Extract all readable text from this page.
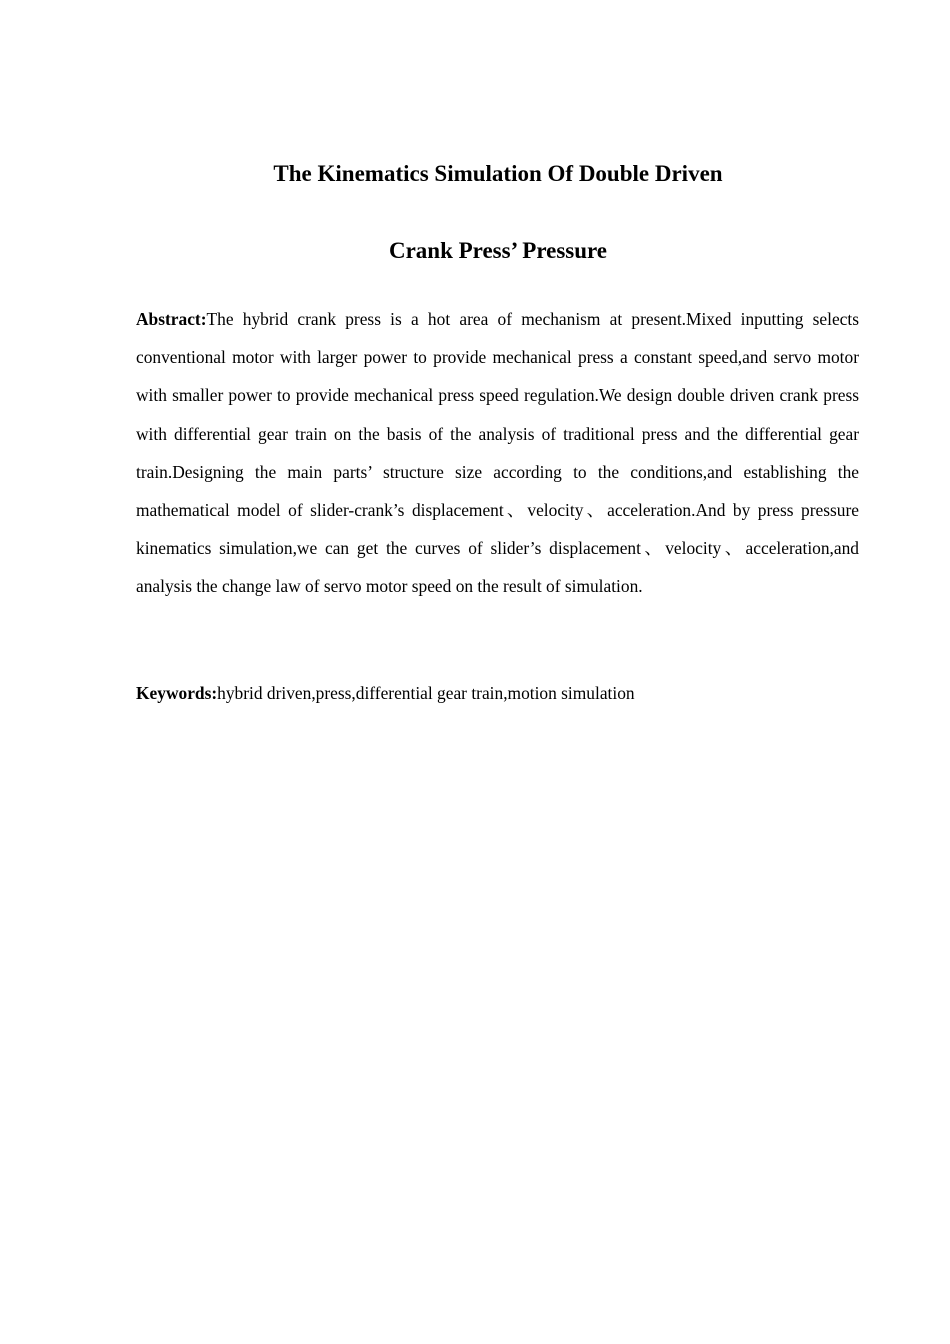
The Kinematics Simulation Of Double Driven
Crank Press’ Pressure
Abstract:The hybrid crank press is a hot area of mechanism at present.Mixed inputting selects conventional motor with larger power to provide mechanical press a constant speed,and servo motor with smaller power to provide mechanical press speed regulation.We design double driven crank press with differential gear train on the basis of the analysis of traditional press and the differential gear train.Designing the main parts’ structure size according to the conditions,and establishing the mathematical model of slider-crank’s displacement、velocity、acceleration.And by press pressure kinematics simulation,we can get the curves of slider’s displacement、velocity、acceleration,and analysis the change law of servo motor speed on the result of simulation.
Keywords:hybrid driven,press,differential gear train,motion simulation
